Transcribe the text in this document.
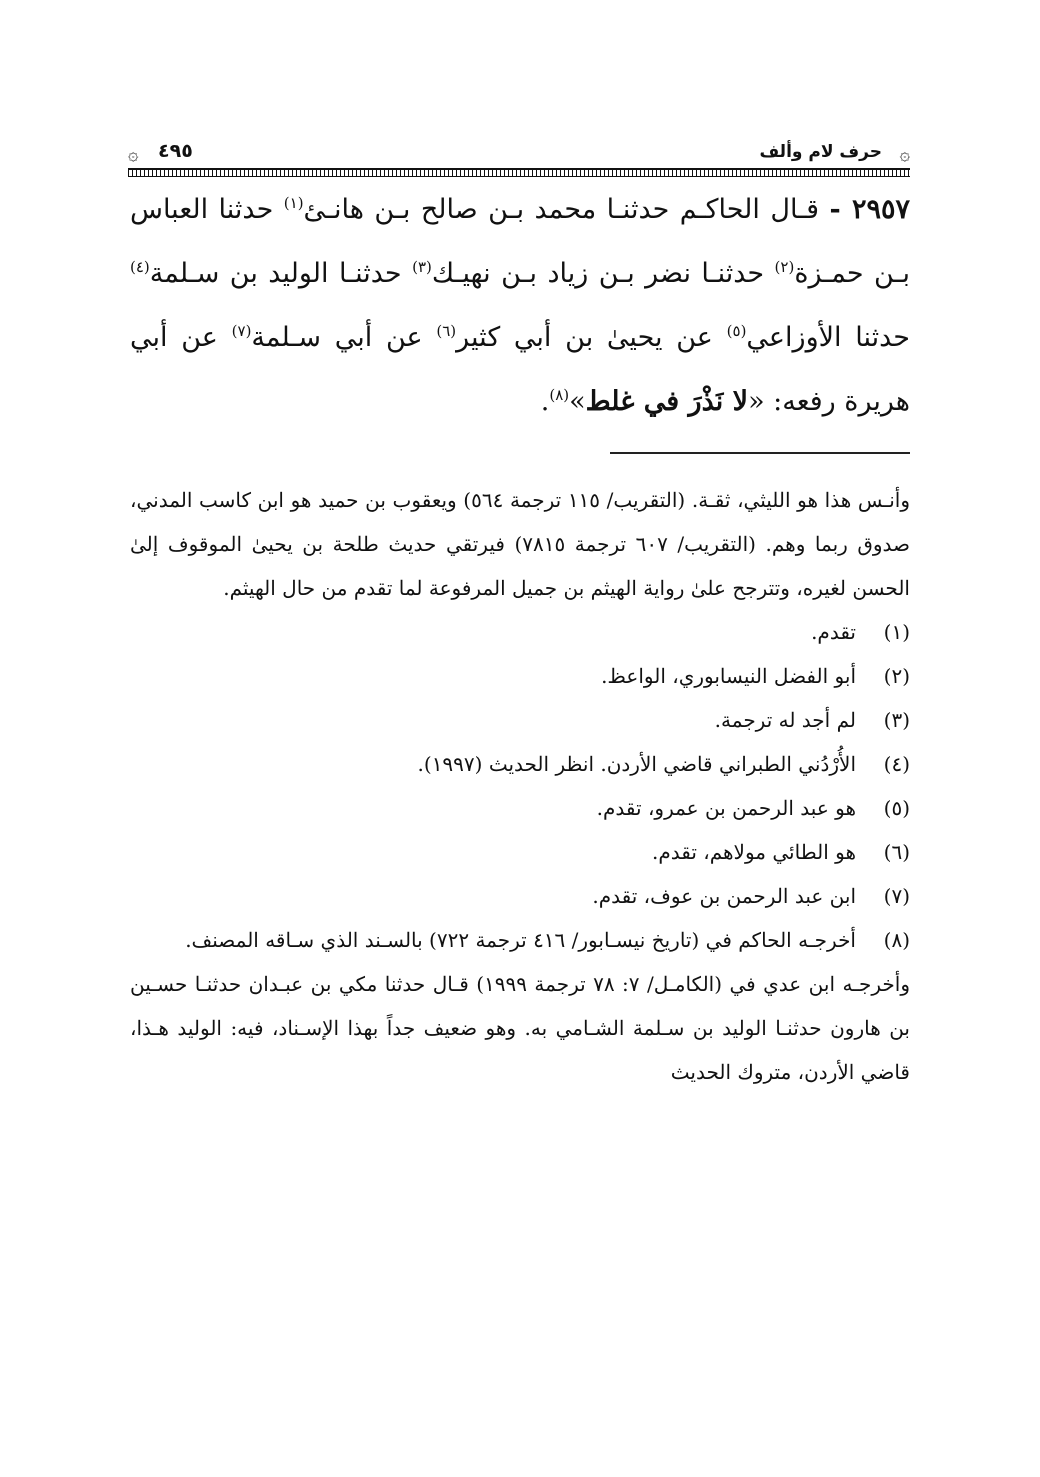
۞
حرف لام وألف
٤٩٥
۞

٢٩٥٧ - قـال الحاكـم حدثنـا محمد بـن صالح بـن هانـئ$^{(١)}$ حدثنا العباس بـن حمـزة$^{(٢)}$ حدثنـا نضر بـن زياد بـن نهيـك$^{(٣)}$ حدثنـا الوليد بن سـلمة$^{(٤)}$ حدثنا الأوزاعي$^{(٥)}$ عن يحيىٰ بن أبي كثير$^{(٦)}$ عن أبي سـلمة$^{(٧)}$ عن أبي هريرة رفعه: «لا نَذْرَ في غلط»$^{(٨)}$.

وأنـس هذا هو الليثي، ثقـة. (التقريب/ ١١٥ ترجمة ٥٦٤) ويعقوب بن حميد هو ابن كاسب المدني، صدوق ربما وهم. (التقريب/ ٦٠٧ ترجمة ٧٨١٥) فيرتقي حديث طلحة بن يحيىٰ الموقوف إلىٰ الحسن لغيره، وتترجح علىٰ رواية الهيثم بن جميل المرفوعة لما تقدم من حال الهيثم.

(١)
تقدم.
(٢)
أبو الفضل النيسابوري، الواعظ.
(٣)
لم أجد له ترجمة.
(٤)
الأُرْدُني الطبراني قاضي الأردن. انظر الحديث (١٩٩٧).
(٥)
هو عبد الرحمن بن عمرو، تقدم.
(٦)
هو الطائي مولاهم، تقدم.
(٧)
ابن عبد الرحمن بن عوف، تقدم.
(٨)
أخرجـه الحاكم في (تاريخ نيسـابور/ ٤١٦ ترجمة ٧٢٢) بالسـند الذي سـاقه المصنف.

وأخرجـه ابن عدي في (الكامـل/ ٧: ٧٨ ترجمة ١٩٩٩) قـال حدثنا مكي بن عبـدان حدثنـا حسـين بن هارون حدثنـا الوليد بن سـلمة الشـامي به. وهو ضعيف جداً بهذا الإسـناد، فيه: الوليد هـذا، قاضي الأردن، متروك الحديث
